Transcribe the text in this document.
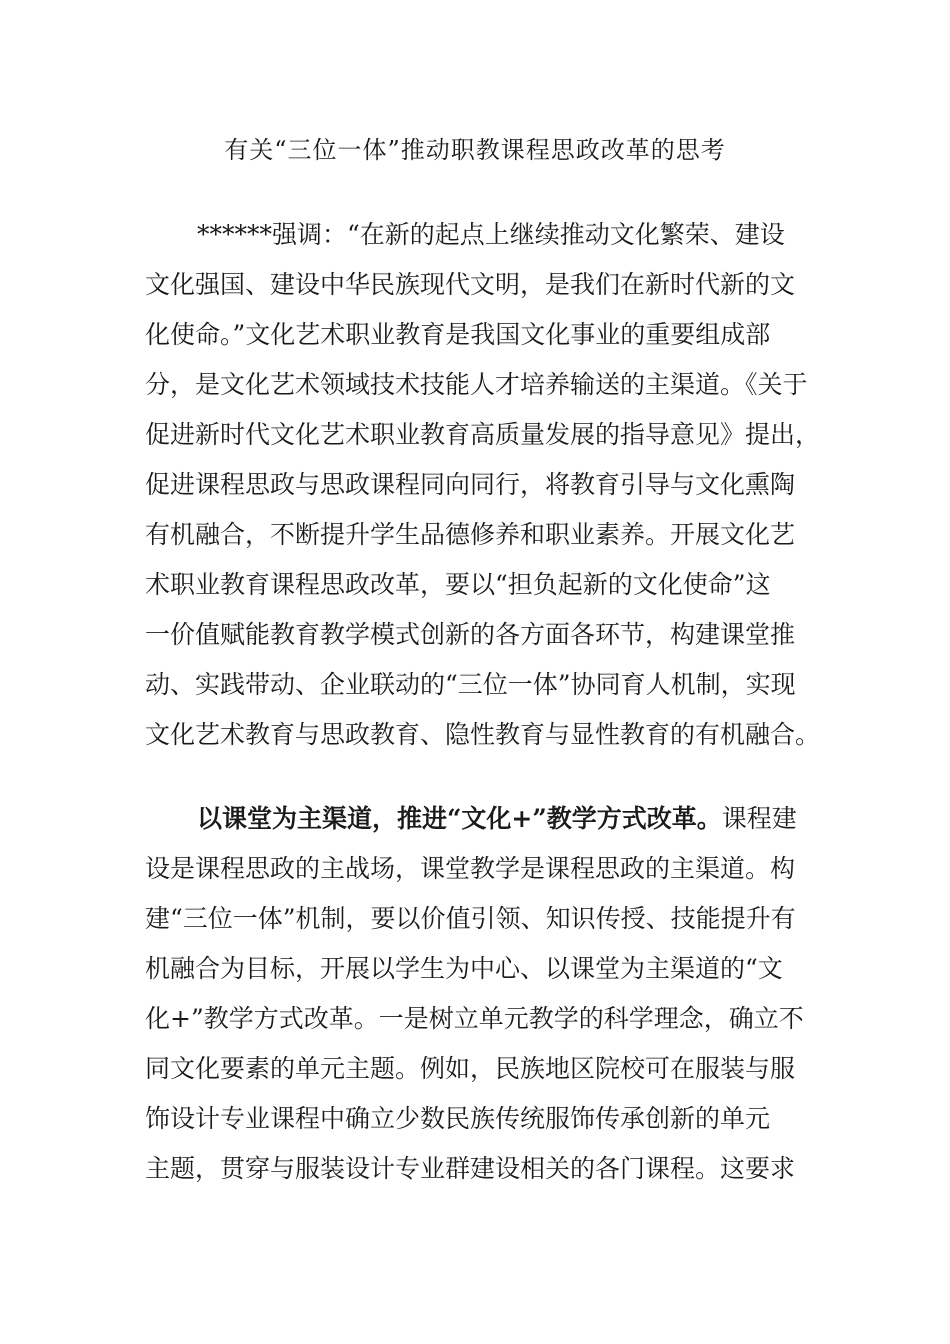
有关“三位一体”推动职教课程思政改革的思考
******强调：“在新的起点上继续推动文化繁荣、建设
文化强国、建设中华民族现代文明，是我们在新时代新的文
化使命。”文化艺术职业教育是我国文化事业的重要组成部
分，是文化艺术领域技术技能人才培养输送的主渠道。《关于
促进新时代文化艺术职业教育高质量发展的指导意见》提出，
促进课程思政与思政课程同向同行，将教育引导与文化熏陶
有机融合，不断提升学生品德修养和职业素养。开展文化艺
术职业教育课程思政改革，要以“担负起新的文化使命”这
一价值赋能教育教学模式创新的各方面各环节，构建课堂推
动、实践带动、企业联动的“三位一体”协同育人机制，实现
文化艺术教育与思政教育、隐性教育与显性教育的有机融合。
以课堂为主渠道，推进“文化+”教学方式改革。课程建
设是课程思政的主战场，课堂教学是课程思政的主渠道。构
建“三位一体”机制，要以价值引领、知识传授、技能提升有
机融合为目标，开展以学生为中心、以课堂为主渠道的“文
化+”教学方式改革。一是树立单元教学的科学理念，确立不
同文化要素的单元主题。例如，民族地区院校可在服装与服
饰设计专业课程中确立少数民族传统服饰传承创新的单元
主题，贯穿与服装设计专业群建设相关的各门课程。这要求
